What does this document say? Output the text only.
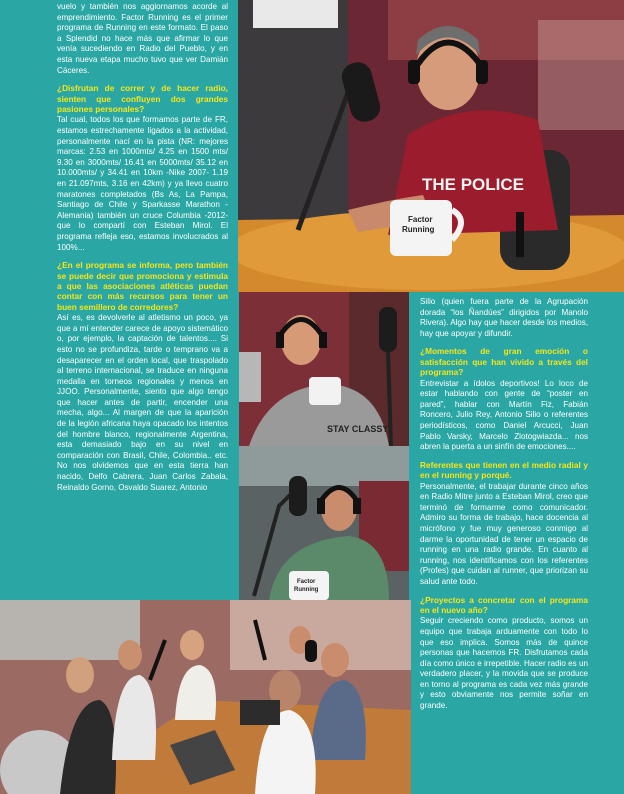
vuelo y también nos aggiornamos acorde al emprendimiento. Factor Running es el primer programa de Running en este formato. El paso a Splendid no hace más que afirmar lo que venía sucediendo en Radio del Pueblo, y en esta nueva etapa mucho tuvo que ver Damián Cáceres.

¿Disfrutan de correr y de hacer radio, sienten que confluyen dos grandes pasiones personales?

Tal cual, todos los que formamos parte de FR, estamos estrechamente ligados a la actividad, personalmente nací en la pista (NR: mejores marcas: 2.53 en 1000mts/ 4.25 en 1500 mts/ 9.30 en 3000mts/ 16.41 en 5000mts/ 35.12 en 10.000mts/ y 34.41 en 10km -Nike 2007- 1.19 en 21.097mts, 3.16 en 42km) y ya llevo cuatro maratones completados (Bs As, La Pampa, Santiago de Chile y Sparkasse Marathon -Alemania) también un cruce Columbia -2012- que lo compartí con Esteban Mirol. El programa refleja eso, estamos involucrados al 100%...

¿En el programa se informa, pero también se puede decir que promociona y estimula a que las asociaciones atléticas puedan contar con más recursos para tener un buen semillero de corredores?

Así es, es devolverle al atletismo un poco, ya que a mí entender carece de apoyo sistemático o, por ejemplo, la captación de talentos.... Si esto no se profundiza, tarde o temprano va a desaparecer en el orden local, que traspolado al terreno internacional, se traduce en ninguna medalla en torneos regionales y menos en JJOO. Personalmente, siento que algo tengo que hacer antes de partir, encender una mecha, algo... Al margen de que la aparición de la legión africana haya opacado los intentos del hombre blanco, regionalmente Argentina, esta demasiado bajo en su nivel en comparación con Brasil, Chile, Colombia.. etc. No nos olvidemos que en esta tierra han nacido, Delfo Cabrera, Juan Carlos Zabala, Reinaldo Gorno, Osvaldo Suarez, Antonio

Silio (quien fuera parte de la Agrupación dorada “los Ñandúes” dirigidos por Manolo Rivera). Algo hay que hacer desde los medios, hay que apoyar y difundir.

¿Momentos de gran emoción o satisfacción que han vivido a través del programa?

Entrevistar a ídolos deportivos! Lo loco de estar hablando con gente de “poster en pared”, hablar con Martín Fiz, Fabián Roncero, Julio Rey, Antonio Silio o referentes periodísticos, como Daniel Arcucci, Juan Pablo Varsky, Marcelo Zlotogwiazda... nos abren la puerta a un sinfín de emociones....

Referentes que tienen en el medio radial y en el running y porqué.

Personalmente, el trabajar durante cinco años en Radio Mitre junto a Esteban Mirol, creo que terminó de formarme como comunicador. Admiro su forma de trabajo, hace docencia al micrófono y fue muy generoso conmigo al darme la oportunidad de tener un espacio de running en una radio grande. En cuanto al running, nos identificamos con los referentes (Profes) que cuidan al runner, que priorizan su salud ante todo.

¿Proyectos a concretar con el programa en el nuevo año?

Seguir creciendo como producto, somos un equipo que trabaja arduamente con todo lo que eso implica. Somos más de quince personas que hacemos FR. Disfrutamos cada día como único e irrepetible. Hacer radio es un verdadero placer, y la movida que se produce en torno al programa es cada vez más grande y esto obviamente nos permite soñar en grande.

THE POLICE
Factor
Running
STAY CLASSY
Factor
Running
